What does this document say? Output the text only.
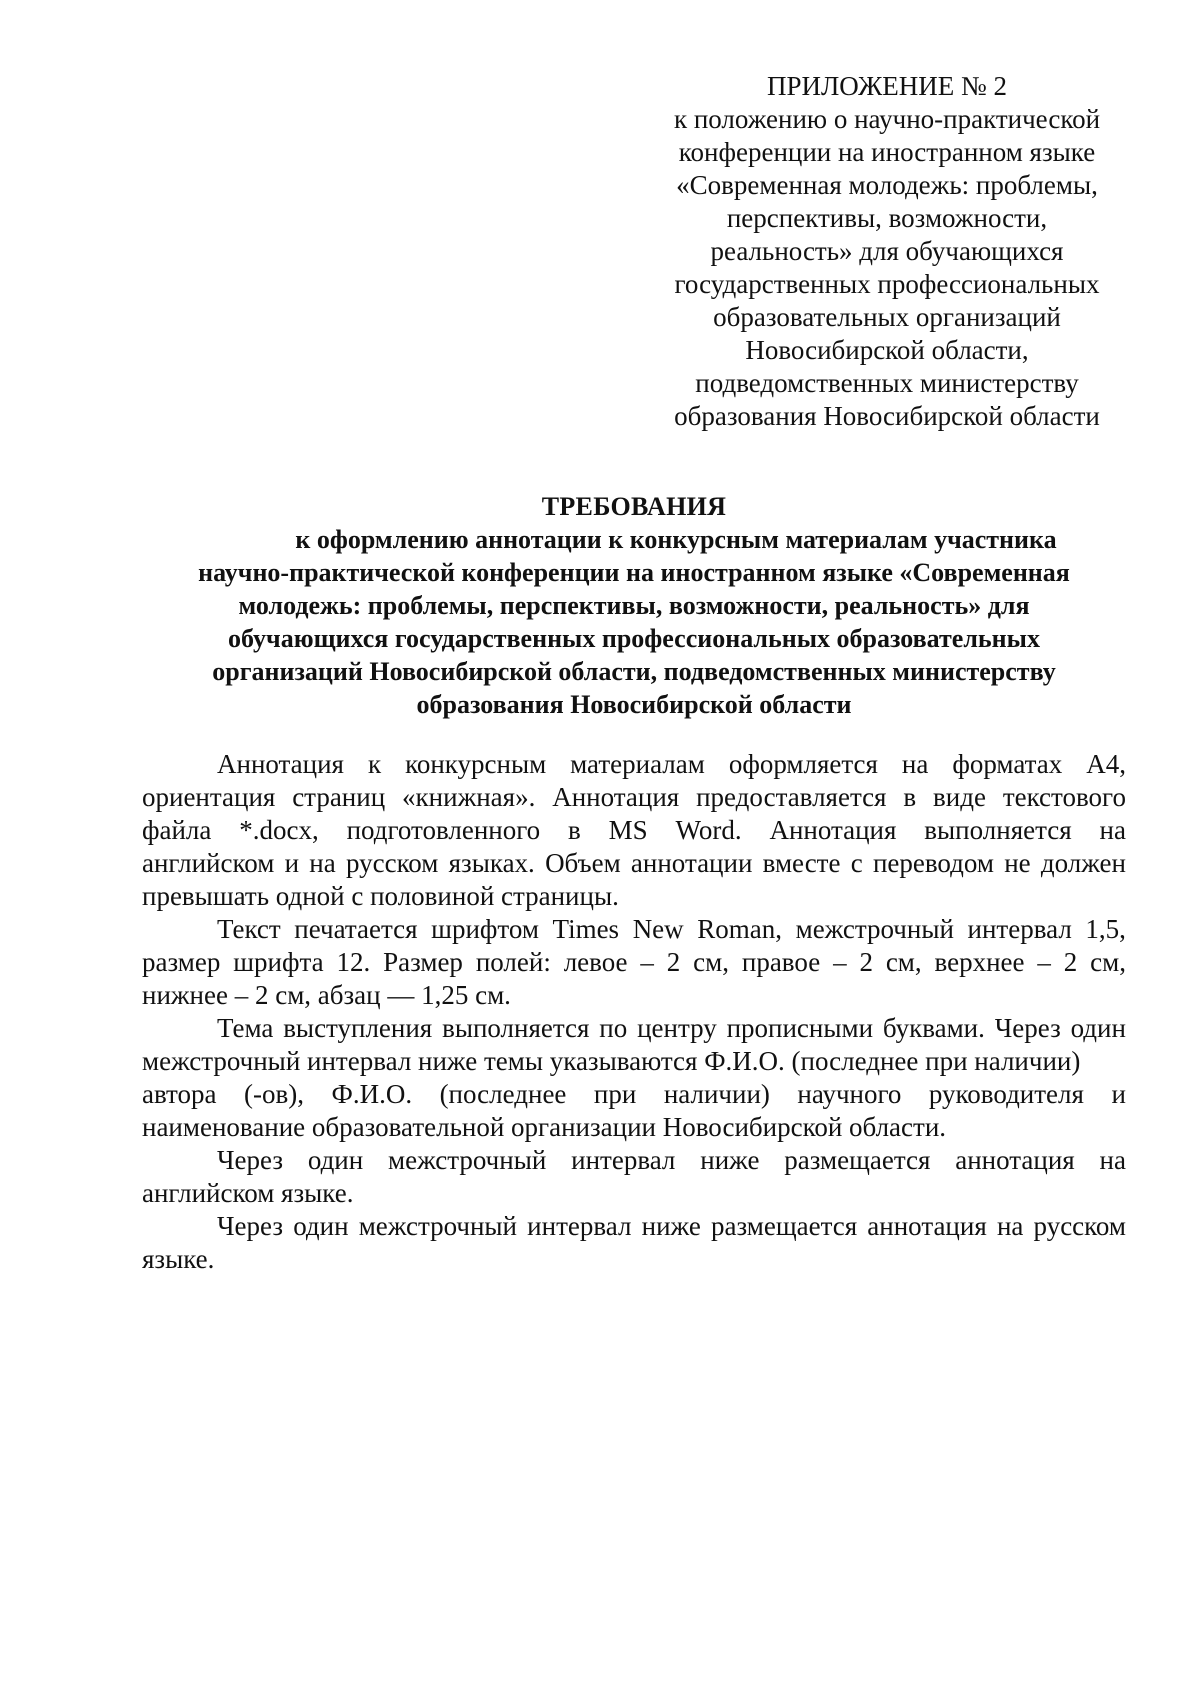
ПРИЛОЖЕНИЕ № 2
к положению о научно-практической
конференции на иностранном языке
«Современная молодежь: проблемы,
перспективы, возможности,
реальность» для обучающихся
государственных профессиональных
образовательных организаций
Новосибирской области,
подведомственных министерству
образования Новосибирской области
ТРЕБОВАНИЯ
к оформлению аннотации к конкурсным материалам участника
научно-практической конференции на иностранном языке «Современная
молодежь: проблемы, перспективы, возможности, реальность» для
обучающихся государственных профессиональных образовательных
организаций Новосибирской области, подведомственных министерству
образования Новосибирской области
Аннотация к конкурсным материалам оформляется на форматах А4,
ориентация страниц «книжная». Аннотация предоставляется в виде текстового
файла *.docx, подготовленного в MS Word. Аннотация выполняется на
английском и на русском языках. Объем аннотации вместе с переводом не должен
превышать одной с половиной страницы.
Текст печатается шрифтом Times New Roman, межстрочный интервал 1,5,
размер шрифта 12. Размер полей: левое – 2 см, правое – 2 см, верхнее – 2 см,
нижнее – 2 см, абзац — 1,25 см.
Тема выступления выполняется по центру прописными буквами. Через один
межстрочный интервал ниже темы указываются Ф.И.О. (последнее при наличии)
автора (-ов), Ф.И.О. (последнее при наличии) научного руководителя и
наименование образовательной организации Новосибирской области.
Через один межстрочный интервал ниже размещается аннотация на
английском языке.
Через один межстрочный интервал ниже размещается аннотация на русском
языке.
